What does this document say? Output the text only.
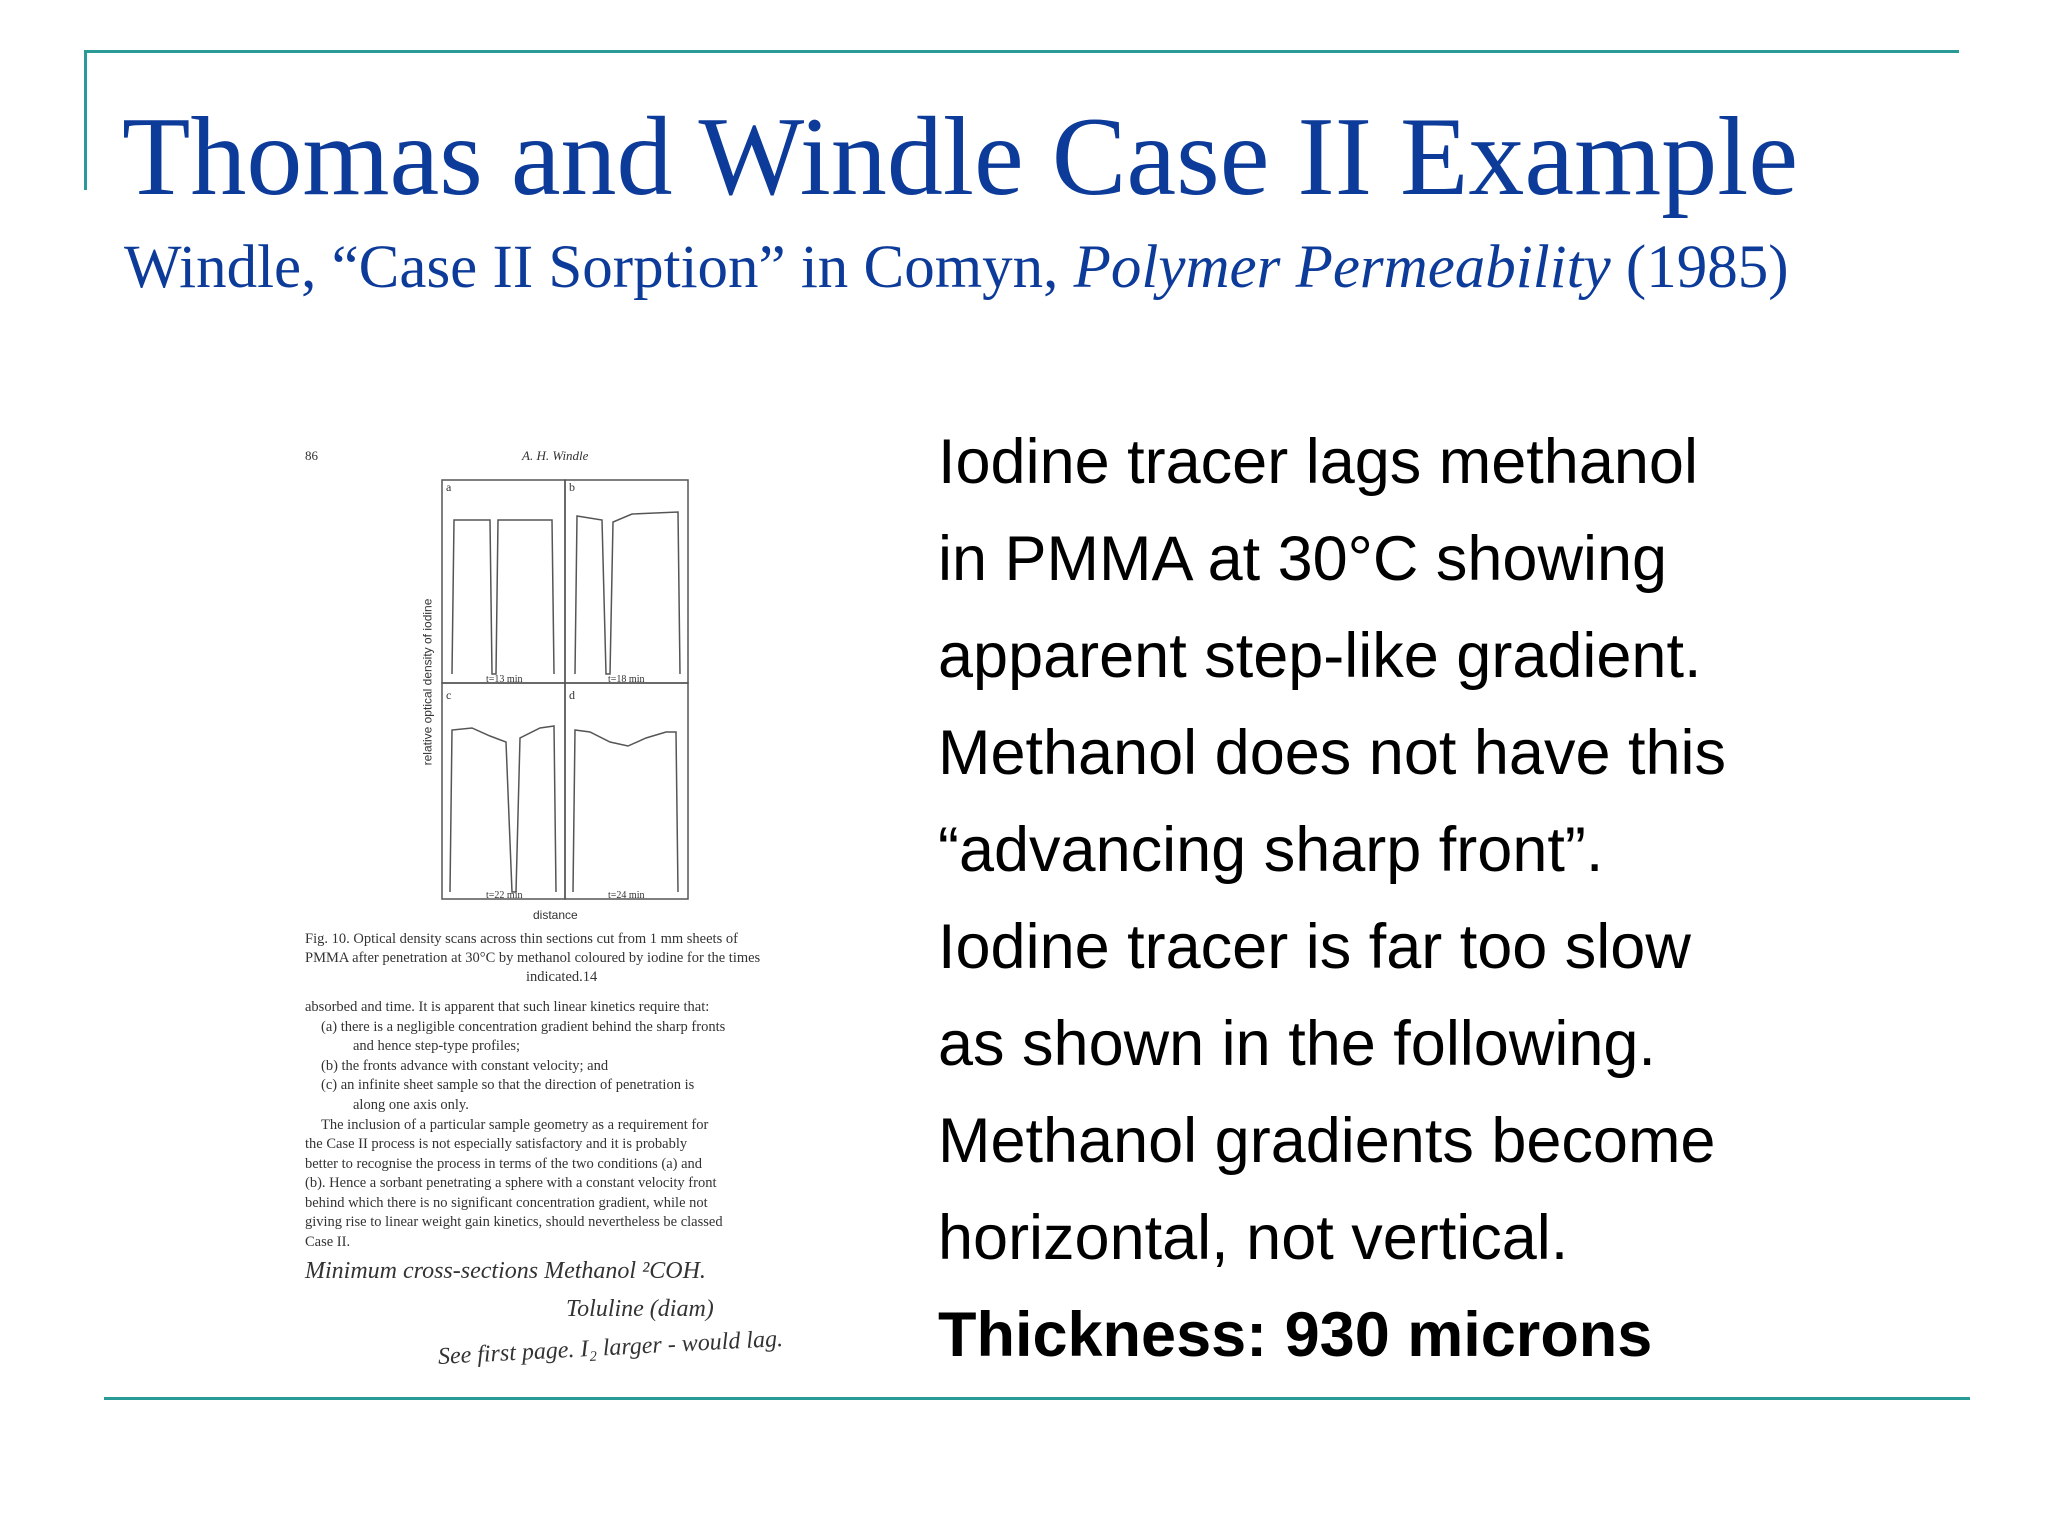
Thomas and Windle Case II Example
Windle, “Case II Sorption” in Comyn, Polymer Permeability (1985)
Iodine tracer lags methanol
in PMMA at 30°C showing
apparent step-like gradient.
Methanol does not have this
“advancing sharp front”.
Iodine tracer is far too slow
as shown in the following.
Methanol gradients become
horizontal, not vertical.
Thickness: 930 microns
86	A. H. Windle
a	b
c	d
t=13 min	t=18 min
t=22 min	t=24 min
relative optical density of iodine
distance
Fig. 10. Optical density scans across thin sections cut from 1 mm sheets of
PMMA after penetration at 30°C by methanol coloured by iodine for the times
indicated.14
absorbed and time. It is apparent that such linear kinetics require that:
(a) there is a negligible concentration gradient behind the sharp fronts
and hence step-type profiles;
(b) the fronts advance with constant velocity; and
(c) an infinite sheet sample so that the direction of penetration is
along one axis only.
The inclusion of a particular sample geometry as a requirement for
the Case II process is not especially satisfactory and it is probably
better to recognise the process in terms of the two conditions (a) and
(b). Hence a sorbant penetrating a sphere with a constant velocity front
behind which there is no significant concentration gradient, while not
giving rise to linear weight gain kinetics, should nevertheless be classed
Case II.
Minimum cross-sections Methanol ²COH.
Toluline (diam)
See first page. I₂ larger - would lag.
